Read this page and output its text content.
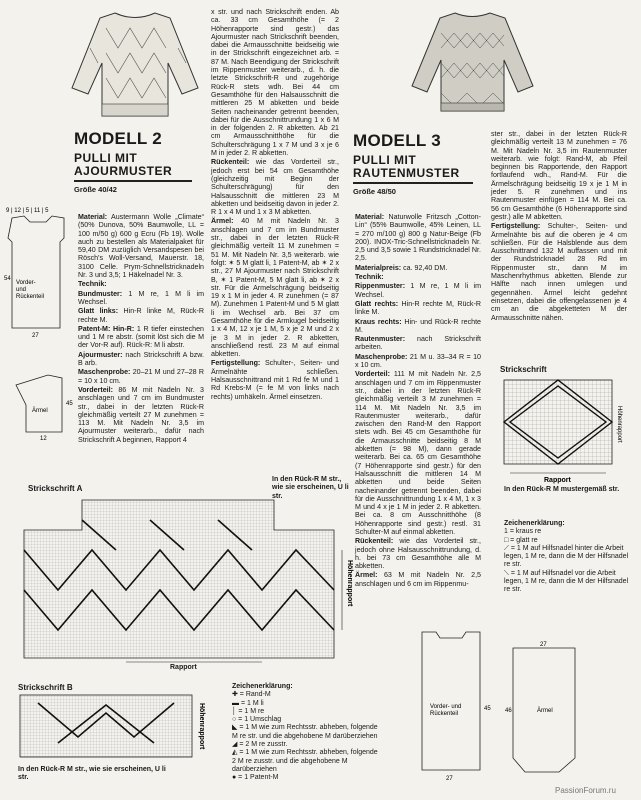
MODELL 2
PULLI MIT
AJOURMUSTER
Größe 40/42
9 | 12 | 5 | 11 | 5
Vorder-
und
Rückenteil
27
54
Ärmel
45
12

Material: Austermann Wolle „Climate“ (50% Dunova, 50% Baumwolle, LL = 100 m/50 g) 600 g Ecru (Fb 19). Wolle auch zu bestellen als Materialpaket für 59,40 DM zuzüglich Versandspesen bei Rösch's Woll-Versand, Mauerstr. 18, 3100 Celle. Prym-Schnellstricknadeln Nr. 3 und 3,5; 1 Häkelnadel Nr. 3.

Technik:

Bundmuster: 1 M re, 1 M li im Wechsel.

Glatt links: Hin-R linke M, Rück-R rechte M.

Patent-M: Hin-R: 1 R tiefer einstechen und 1 M re abstr. (somit löst sich die M der Vor-R auf). Rück-R: M li abstr.

Ajourmuster: nach Strickschrift A bzw. B arb.

Maschenprobe: 20–21 M und 27–28 R = 10 x 10 cm.

Vorderteil: 86 M mit Nadeln Nr. 3 anschlagen und 7 cm im Bundmuster str., dabei in der letzten Rück-R gleichmäßig verteilt 27 M zunehmen = 113 M. Mit Nadeln Nr. 3,5 im Ajourmuster weiterarb., dafür nach Strickschrift A beginnen, Rapport 4

x str. und nach Strickschrift enden. Ab ca. 33 cm Gesamthöhe (= 2 Höhenrapporte sind gestr.) das Ajourmuster nach Strickschrift beenden, dabei die Armausschnitte beidseitig wie in der Strickschrift eingezeichnet arb. = 87 M. Nach Beendigung der Strickschrift im Rippenmuster weiterarb., d. h. die letzte Strickschrift-R und zugehörige Rück-R stets wdh. Bei 44 cm Gesamthöhe für den Halsausschnitt die mittleren 25 M abketten und beide Seiten nacheinander getrennt beenden, dabei für die Ausschnittrundung 1 x 6 M in der folgenden 2. R abketten. Ab 21 cm Armausschnitthöhe für die Schulterschrägung 1 x 7 M und 3 x je 6 M in jeder 2. R abketten.

Rückenteil: wie das Vorderteil str., jedoch erst bei 54 cm Gesamthöhe (gleichzeitig mit Beginn der Schulterschrägung) für den Halsausschnitt die mittleren 23 M abketten und beidseitig davon in jeder 2. R 1 x 4 M und 1 x 3 M abketten.

Ärmel: 40 M mit Nadeln Nr. 3 anschlagen und 7 cm im Bundmuster str., dabei in der letzten Rück-R gleichmäßig verteilt 11 M zunehmen = 51 M. Mit Nadeln Nr. 3,5 weiterarb. wie folgt: ✶ 5 M glatt li, 1 Patent-M, ab ✶ 2 x str., 27 M Ajourmuster nach Strickschrift B, ✶ 1 Patent-M, 5 M glatt li, ab ✶ 2 x str. Für die Armelschrägung beidseitig 19 x 1 M in jeder 4. R zunehmen (= 87 M). Zunehmen 1 Patent-M und 5 M glatt li im Wechsel arb. Bei 37 cm Gesamthöhe für die Armkugel beidseitig 1 x 4 M, 12 x je 1 M, 5 x je 2 M und 2 x je 3 M in jeder 2. R abketten, anschließend restl. 23 M auf einmal abketten.

Fertigstellung: Schulter-, Seiten- und Ärmelnähte schließen. Halsausschnittrand mit 1 Rd fe M und 1 Rd Krebs-M (= fe M von links nach rechts) umhäkeln. Ärmel einsetzen.

MODELL 3
PULLI MIT
RAUTENMUSTER
Größe 48/50

Material: Naturwolle Fritzsch „Cotton-Lin“ (55% Baumwolle, 45% Leinen, LL = 270 m/100 g) 800 g Natur-Beige (Fb 200). INOX-Tric-Schnellstricknadeln Nr. 2,5 und 3,5 sowie 1 Rundstricknadel Nr. 2,5.

Materialpreis: ca. 92,40 DM.

Technik:

Rippenmuster: 1 M re, 1 M li im Wechsel.

Glatt rechts: Hin-R rechte M, Rück-R linke M.

Kraus rechts: Hin- und Rück-R rechte M.

Rautenmuster: nach Strickschrift arbeiten.

Maschenprobe: 21 M u. 33–34 R = 10 x 10 cm.

Vorderteil: 111 M mit Nadeln Nr. 2,5 anschlagen und 7 cm im Rippenmuster str., dabei in der letzten Rück-R gleichmäßig verteilt 3 M zunehmen = 114 M. Mit Nadeln Nr. 3,5 im Rautenmuster weiterarb., dafür zwischen den Rand-M den Rapport stets wdh. Bei 45 cm Gesamthöhe für die Armausschnitte beidseitig 8 M abketten (= 98 M), dann gerade weiterarb. Bei ca. 65 cm Gesamthöhe (7 Höhenrapporte sind gestr.) für den Halsausschnitt die mittleren 14 M abketten und beide Seiten nacheinander getrennt beenden, dabei für die Ausschnittrundung 1 x 4 M, 1 x 3 M und 4 x je 1 M in jeder 2. R abketten. Bei ca. 8 cm Ausschnitthöhe (8 Höhenrapporte sind gestr.) restl. 31 Schulter-M auf einmal abketten.

Rückenteil: wie das Vorderteil str., jedoch ohne Halsausschnittrundung, d. h. bei 73 cm Gesamthöhe alle M abketten.

Ärmel: 63 M mit Nadeln Nr. 2,5 anschlagen und 6 cm im Rippenmu-

ster str., dabei in der letzten Rück-R gleichmäßig verteilt 13 M zunehmen = 76 M. Mit Nadeln Nr. 3,5 im Rautenmuster weiterarb. wie folgt: Rand-M, ab Pfeil beginnen bis Rapportende, den Rapport fortlaufend wdh., Rand-M. Für die Ärmelschrägung beidseitig 19 x je 1 M in jeder 5. R zunehmen und ins Rautenmuster einfügen = 114 M. Bei ca. 56 cm Gesamthöhe (6 Höhenrapporte sind gestr.) alle M abketten.

Fertigstellung: Schulter-, Seiten- und Ärmelnähte bis auf die oberen je 4 cm schließen. Für die Halsblende aus dem Ausschnittrand 132 M auffassen und mit der Rundstricknadel 28 Rd im Rippenmuster str., dann M im Maschenrhythmus abketten. Blende zur Hälfte nach innen umlegen und gegennähen. Ärmel leicht gedehnt einsetzen, dabei die offengelassenen je 4 cm an die abgeketteten M der Armausschnitte nähen.

Strickschrift
Höhenrapport
Rapport
In den Rück-R M mustergemäß str.
Zeichenerklärung:
1 = kraus re
□ = glatt re
⟋ = 1 M auf Hilfsnadel hinter die Arbeit legen, 1 M re, dann die M der Hilfsnadel re str.
⟍ = 1 M auf Hilfsnadel vor die Arbeit legen, 1 M re, dann die M der Hilfsnadel re str.
Vorder- und
Rückenteil
27
45	Ärmel
27
46
Strickschrift A
In den Rück-R M str., wie sie erscheinen, U li str.
Höhenrapport
Rapport
Strickschrift B
Höhenrapport
In den Rück-R M str., wie sie erscheinen, U li str.
Zeichenerklärung:
✚ = Rand-M
▬ = 1 M li
│ = 1 M re
○ = 1 Umschlag
◣ = 1 M wie zum Rechtsstr. abheben, folgende M re str. und die abgehobene M darüberziehen
◢ = 2 M re zusstr.
◭ = 1 M wie zum Rechtsstr. abheben, folgende 2 M re zusstr. und die abgehobene M darüberziehen
● = 1 Patent-M
PassionForum.ru
